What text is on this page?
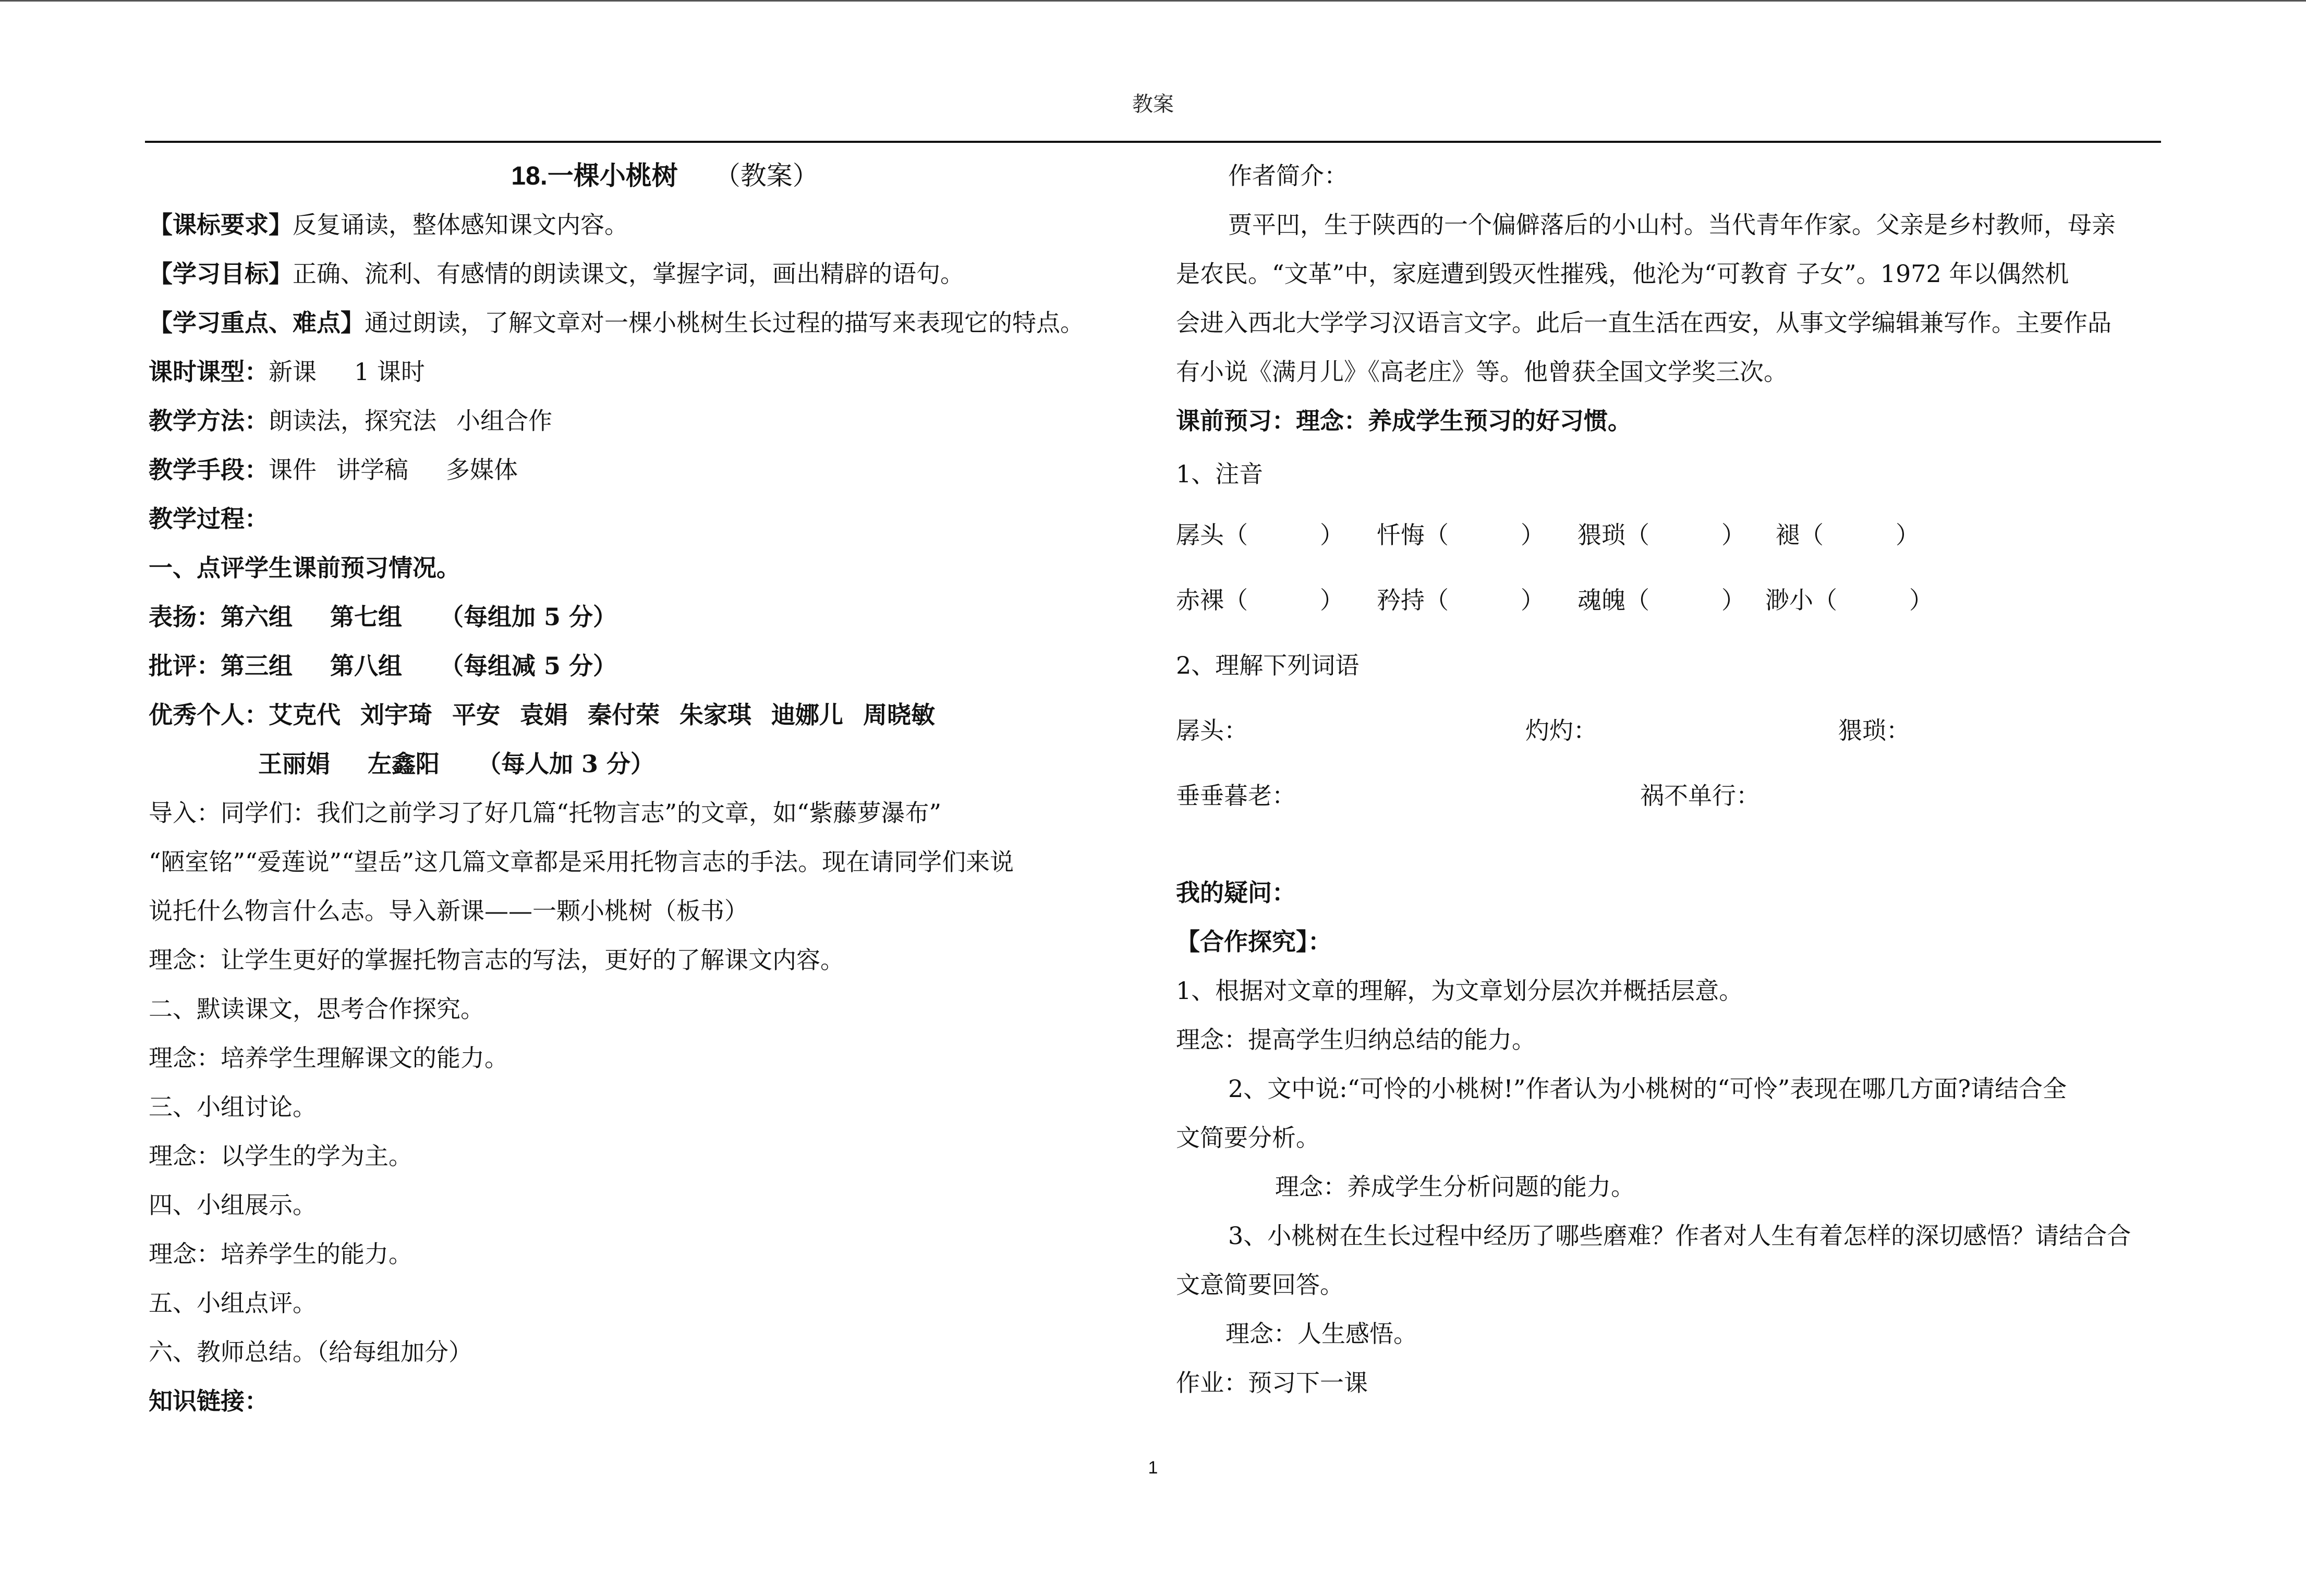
教案
18.一棵小桃树 （教案）
【课标要求】反复诵读，整体感知课文内容。
【学习目标】正确、流利、有感情的朗读课文，掌握字词，画出精辟的语句。
【学习重点、难点】通过朗读，了解文章对一棵小桃树生长过程的描写来表现它的特点。
课时课型：新课 1 课时
教学方法：朗读法，探究法 小组合作
教学手段：课件 讲学稿 多媒体
教学过程：
一、点评学生课前预习情况。
表扬：第六组 第七组 （每组加 5 分）
批评：第三组 第八组 （每组减 5 分）
优秀个人：艾克代 刘宇琦 平安 袁娟 秦付荣 朱家琪 迪娜儿 周晓敏
王丽娟 左鑫阳 （每人加 3 分）
导入：同学们：我们之前学习了好几篇“托物言志”的文章，如“紫藤萝瀑布”
“陋室铭”“爱莲说”“望岳”这几篇文章都是采用托物言志的手法。现在请同学们来说
说托什么物言什么志。导入新课——一颗小桃树（板书）
理念：让学生更好的掌握托物言志的写法，更好的了解课文内容。
二、默读课文，思考合作探究。
理念：培养学生理解课文的能力。
三、小组讨论。
理念：以学生的学为主。
四、小组展示。
理念：培养学生的能力。
五、小组点评。
六、教师总结。（给每组加分）
知识链接：
作者简介：
贾平凹，生于陕西的一个偏僻落后的小山村。当代青年作家。父亲是乡村教师，母亲
是农民。“文革”中，家庭遭到毁灭性摧残，他沦为“可教育 子女”。1972 年以偶然机
会进入西北大学学习汉语言文字。此后一直生活在西安，从事文学编辑兼写作。主要作品
有小说《满月儿》《高老庄》等。他曾获全国文学奖三次。
课前预习：理念：养成学生预习的好习惯。
1、注音
孱头（　　　） 忏悔（　　　） 猥琐（　　　） 褪（　　　）
赤裸（　　　） 矜持（　　　） 魂魄（　　　） 渺小（　　　）
2、理解下列词语
孱头：	灼灼：	猥琐：
垂垂暮老：	祸不单行：
我的疑问：
【合作探究】：
1、根据对文章的理解，为文章划分层次并概括层意。
理念：提高学生归纳总结的能力。
2、文中说:“可怜的小桃树!”作者认为小桃树的“可怜”表现在哪几方面?请结合全
文简要分析。
理念：养成学生分析问题的能力。
3、小桃树在生长过程中经历了哪些磨难？作者对人生有着怎样的深切感悟？请结合合
文意简要回答。
理念：人生感悟。
作业：预习下一课
1
